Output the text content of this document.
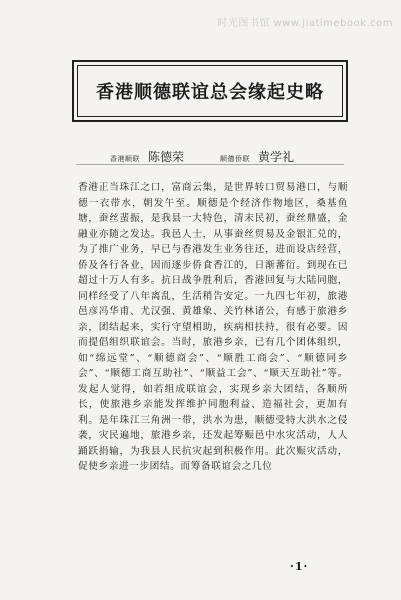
时光图书馆 www.jiatimebook.com
香港顺德联谊总会缘起史略
香港顺联 陈德荣	顺德侨联 黄学礼

香港正当珠江之口，富商云集，是世界转口贸易港口，与顺德一衣带水，朝发午至。顺德是个经济作物地区，桑基鱼塘，蚕丝蜚振，是我县一大特色，清末民初，蚕丝鼎盛，金融业亦随之发达。我邑人士，从事蚕丝贸易及金银汇兑的，为了推广业务，早已与香港发生业务往还，进而设店经营，侨及各行各业，因而逐步侨食香江的，日渐蕃衍。到现在已超过十万人有多。抗日战争胜利后，香港回复与大陆同胞，同样经受了八年离乱，生活稍告安定。一九四七年初，旅港邑彦冯华甫、尤汉强、黄雄象、关竹林诸公，有感于旅港乡亲，团结起来，实行守望相助，疾病相扶持，很有必要。因而提倡组织联谊会。当时，旅港乡亲，已有几个团体组织，如“绵远堂”、“顺德商会”、“顺胜工商会”、“顺德同乡会”、“顺德工商互助社”、“顺益工会”、“顺天互助社”等。发起人觉得，如若组成联谊会，实现乡亲大团结，各顺所长，使旅港乡亲能发挥维护同胞利益、造福社会，更加有利。是年珠江三角洲一带，洪水为患，顺德受特大洪水之侵袭，灾民遍地，旅港乡亲，还发起筹赈邑中水灾活动，人人踊跃捐输，为我县人民抗灾起到积极作用。此次赈灾活动，促使乡亲进一步团结。而筹备联谊会之几位

·1·
